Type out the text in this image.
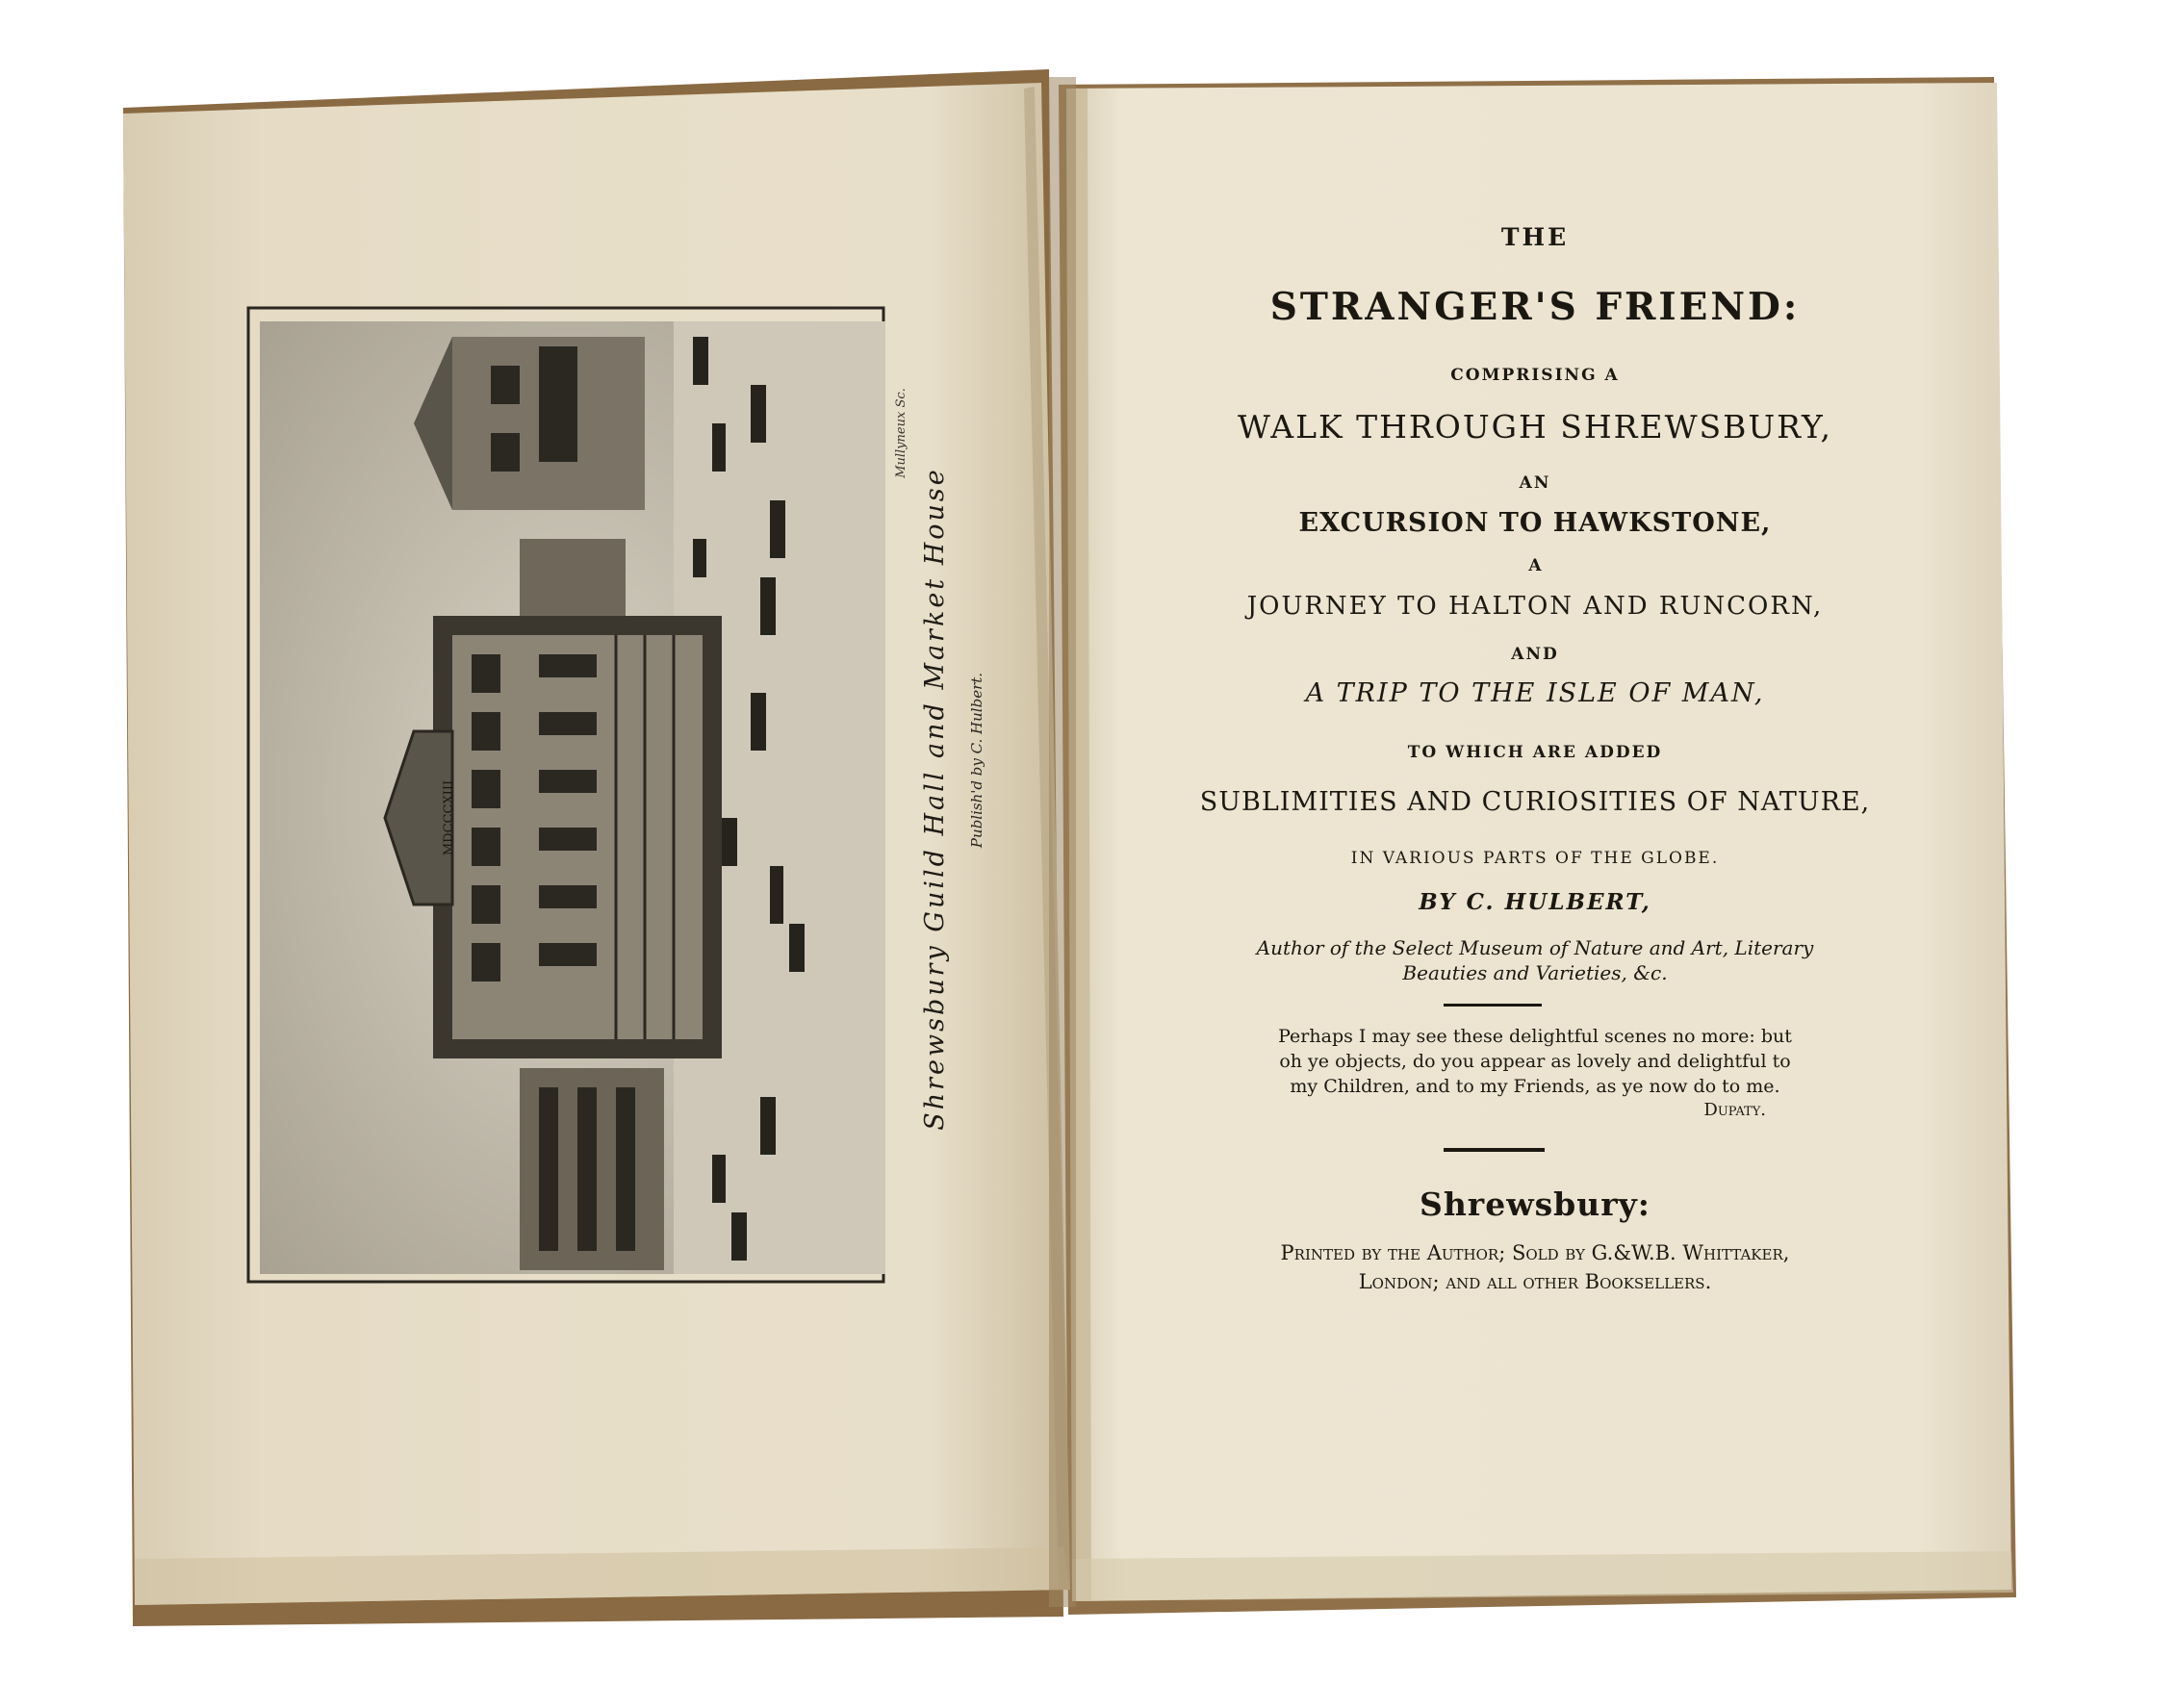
MDCCCXIII	Shrewsbury Guild Hall and Market House Publish'd by C. Hulbert.
Mullyneux Sc.
THE
STRANGER'S FRIEND:
COMPRISING A
WALK THROUGH SHREWSBURY,
AN
EXCURSION TO HAWKSTONE,
A
JOURNEY TO HALTON AND RUNCORN,
AND
A TRIP TO THE ISLE OF MAN,
TO WHICH ARE ADDED
SUBLIMITIES AND CURIOSITIES OF NATURE,
IN VARIOUS PARTS OF THE GLOBE.
BY C. HULBERT,
Author of the Select Museum of Nature and Art, Literary
Beauties and Varieties, &c.
Perhaps I may see these delightful scenes no more: but
oh ye objects, do you appear as lovely and delightful to
my Children, and to my Friends, as ye now do to me.
Dupaty.
Shrewsbury:
Printed by the Author; Sold by G.&W.B. Whittaker,
London; and all other Booksellers.
